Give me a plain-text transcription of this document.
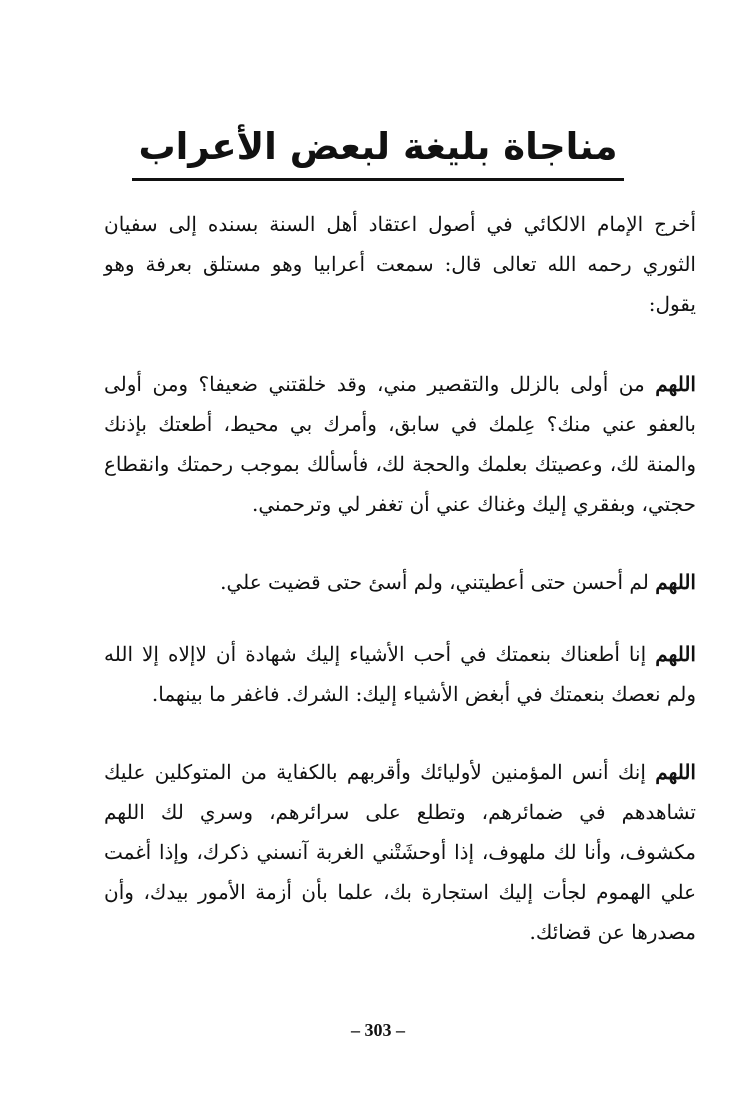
مناجاة بليغة لبعض الأعراب

أخرج الإمام الالكائي في أصول اعتقاد أهل السنة بسنده إلى سفيان الثوري رحمه الله تعالى قال: سمعت أعرابيا وهو مستلق بعرفة وهو يقول:

اللهم من أولى بالزلل والتقصير مني، وقد خلقتني ضعيفا؟ ومن أولى بالعفو عني منك؟ عِلمك في سابق، وأمرك بي محيط، أطعتك بإذنك والمنة لك، وعصيتك بعلمك والحجة لك، فأسألك بموجب رحمتك وانقطاع حجتي، وبفقري إليك وغناك عني أن تغفر لي وترحمني.

اللهم لم أحسن حتى أعطيتني، ولم أسئ حتى قضيت علي.

اللهم إنا أطعناك بنعمتك في أحب الأشياء إليك شهادة أن لاإلاه إلا الله ولم نعصك بنعمتك في أبغض الأشياء إليك: الشرك. فاغفر ما بينهما.

اللهم إنك أنس المؤمنين لأوليائك وأقربهم بالكفاية من المتوكلين عليك تشاهدهم في ضمائرهم، وتطلع على سرائرهم، وسري لك اللهم مكشوف، وأنا لك ملهوف، إذا أوحشَتْني الغربة آنسني ذكرك، وإذا أغمت علي الهموم لجأت إليك استجارة بك، علما بأن أزمة الأمور بيدك، وأن مصدرها عن قضائك.

– 303 –
